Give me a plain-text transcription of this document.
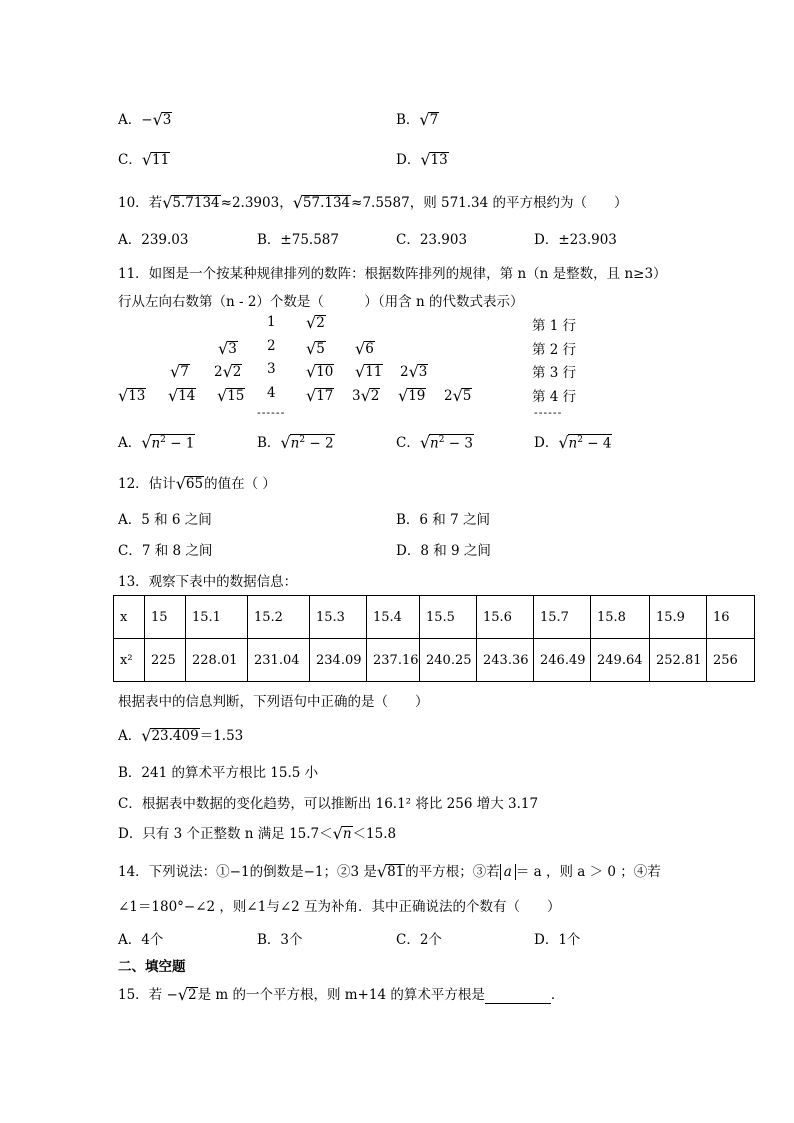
A．−√3	B．√7
C．√11	D．√13
10．若√5.7134≈2.3903，√57.134≈7.5587，则 571.34 的平方根约为（　　）
A．239.03	B．±75.587	C．23.903	D．±23.903
11．如图是一个按某种规律排列的数阵：根据数阵排列的规律，第 n（n 是整数，且 n≥3）
行从左向右数第（n - 2）个数是（　　　）（用含 n 的代数式表示）
1 √2
√3 2 √5 √6
√7 2√2 3 √10 √11 2√3
√13 √14 √15 4 √17 3√2 √19 2√5
------
第 1 行
第 2 行
第 3 行
第 4 行
------
A．$√n^2 - 1$	B．$√n^2 - 2$	C．$√n^2 - 3$	D．$√n^2 - 4$
12．估计√65的值在（ ）
A．5 和 6 之间	B．6 和 7 之间
C．7 和 8 之间	D．8 和 9 之间
13．观察下表中的数据信息：
x	15	15.1	15.2	15.3	15.4	15.5	15.6	15.7	15.8	15.9	16
x²	225	228.01	231.04	234.09	237.16	240.25	243.36	246.49	249.64	252.81	256
根据表中的信息判断，下列语句中正确的是（　　）
A．√23.409＝1.53
B．241 的算术平方根比 15.5 小
C．根据表中数据的变化趋势，可以推断出 16.1² 将比 256 增大 3.17
D．只有 3 个正整数 n 满足 15.7＜√n＜15.8
14．下列说法：①−1的倒数是−1；②3 是√81的平方根；③若 a ＝ a ，则 a ＞ 0 ；④若
∠1＝180°−∠2 ，则∠1与∠2 互为补角．其中正确说法的个数有（　　）
A．4个	B．3个	C．2个	D．1个
二、填空题
15．若 −√2是 m 的一个平方根，则 m+14 的算术平方根是	．
